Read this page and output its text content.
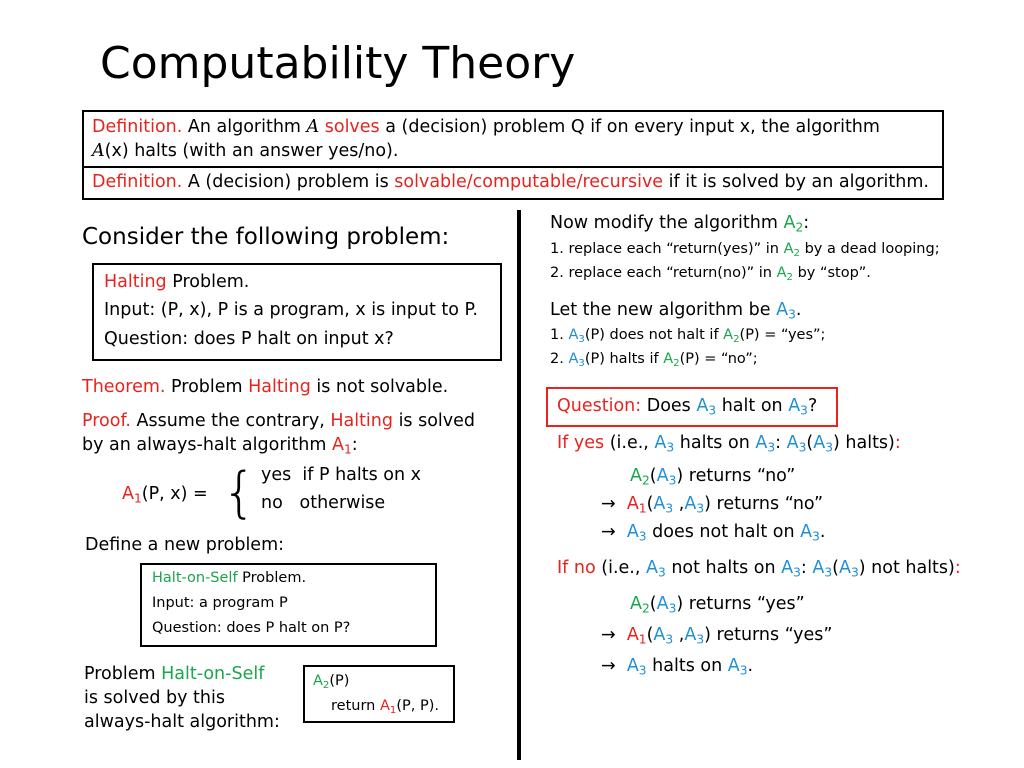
Computability Theory
Definition. An algorithm A solves a (decision) problem Q if on every input x, the algorithm
A(x) halts (with an answer yes/no).
Definition. A (decision) problem is solvable/computable/recursive if it is solved by an algorithm.
Consider the following problem:
Halting Problem.
Input: (P, x), P is a program, x is input to P.
Question: does P halt on input x?
Theorem. Problem Halting is not solvable.
Proof. Assume the contrary, Halting is solved
by an always-halt algorithm $A_1$:
$A_1(P$, x) = { yes if P halts on x
no otherwise
Define a new problem:
Halt-on-Self Problem.
Input: a program P
Question: does P halt on P?
Problem Halt-on-Self
is solved by this
always-halt algorithm:
$A_2(P)$
return $A_1(P$, P).
Now modify the algorithm $A_2$:
1. replace each “return(yes)” in $A_2$ by a dead looping;
2. replace each “return(no)” in $A_2$ by “stop”.
Let the new algorithm be $A_3$.
1. $A_3(P)$ does not halt if $A_2(P)$ = “yes”;
2. $A_3(P)$ halts if $A_2(P)$ = “no”;
Question: Does $A_3$ halt on $A_3$?
If yes (i.e., $A_3$ halts on $A_3$: $A_3(A_3)$ halts):
$A_2(A_3)$ returns “no”
→ $A_1(A_3$ $,A_3$) returns “no”
→ $A_3$ does not halt on $A_3$.
If no (i.e., $A_3$ not halts on $A_3$: $A_3(A_3)$ not halts):
$A_2(A_3)$ returns “yes”
→ $A_1(A_3$ $,A_3$) returns “yes”
→ $A_3$ halts on $A_3$.
